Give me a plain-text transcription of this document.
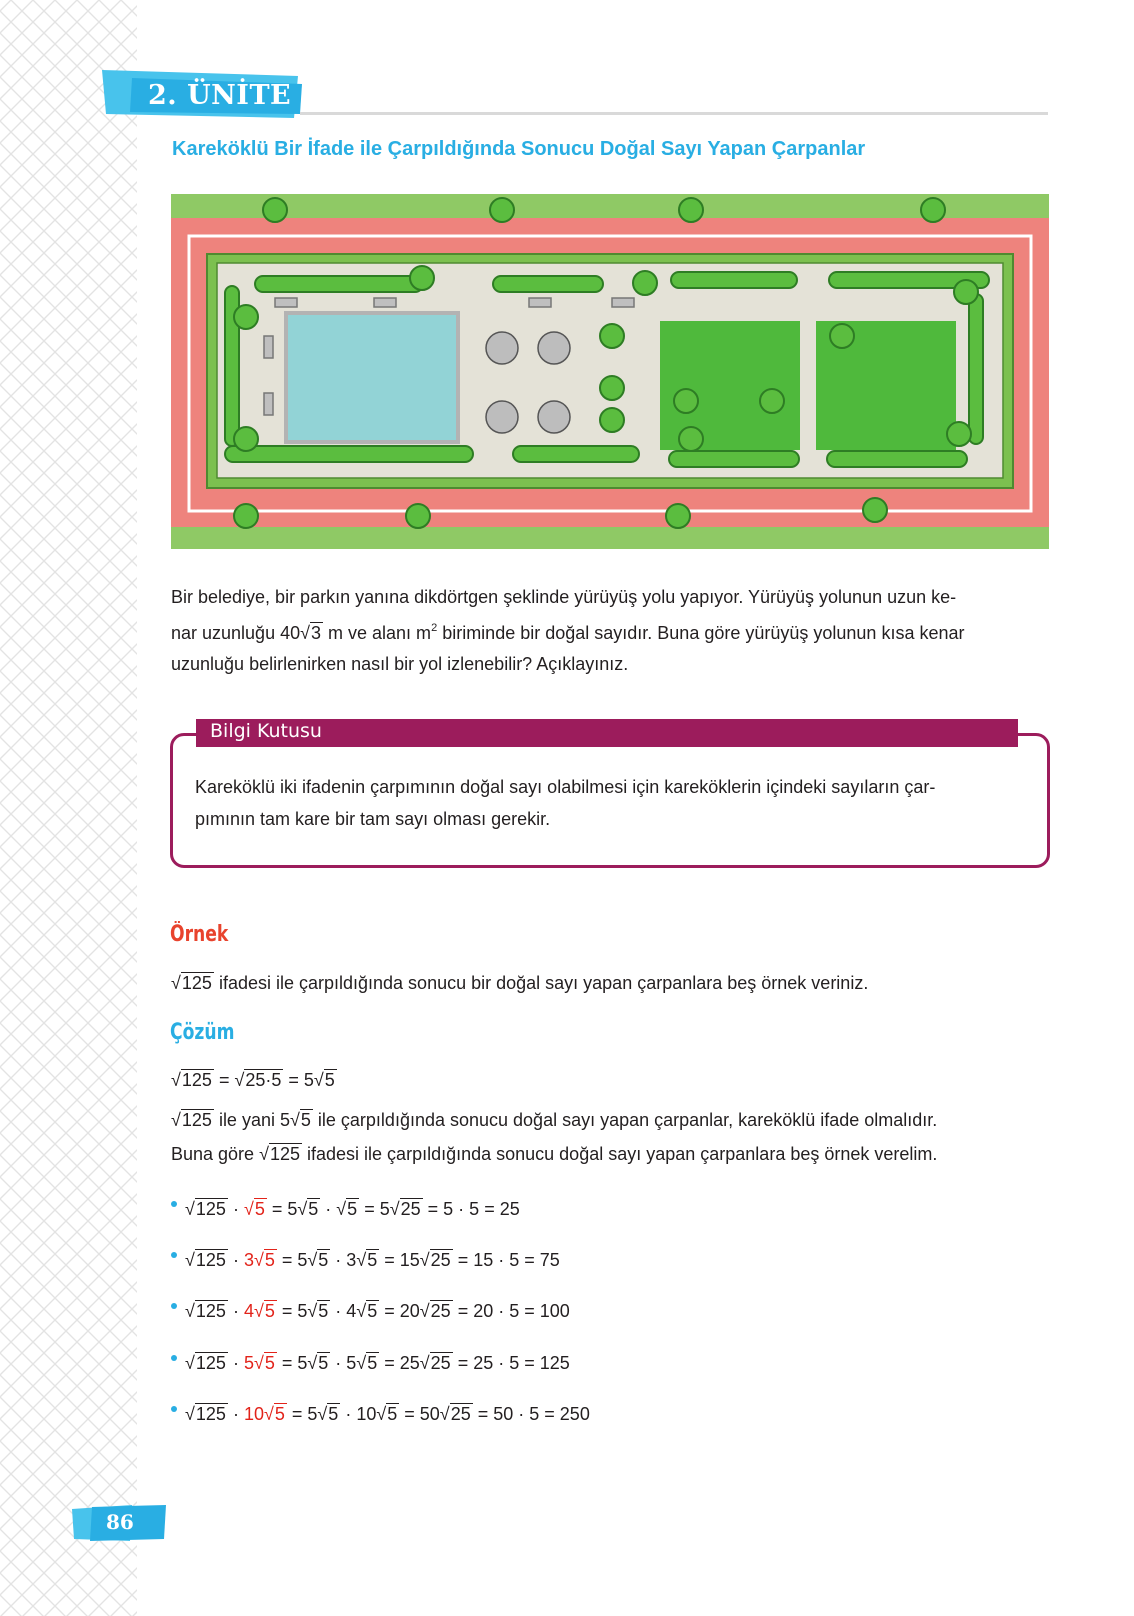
2. ÜNİTE
Kareköklü Bir İfade ile Çarpıldığında Sonucu Doğal Sayı Yapan Çarpanlar
Bir belediye, bir parkın yanına dikdörtgen şeklinde yürüyüş yolu yapıyor. Yürüyüş yolunun uzun ke-
nar uzunluğu 40√3 m ve alanı $m^2$ biriminde bir doğal sayıdır. Buna göre yürüyüş yolunun kısa kenar
uzunluğu belirlenirken nasıl bir yol izlenebilir? Açıklayınız.
Bilgi Kutusu
Kareköklü iki ifadenin çarpımının doğal sayı olabilmesi için kareköklerin içindeki sayıların çar-
pımının tam kare bir tam sayı olması gerekir.
Örnek
√125 ifadesi ile çarpıldığında sonucu bir doğal sayı yapan çarpanlara beş örnek veriniz.
Çözüm
√125 = √25·5 = 5√5
√125 ile yani 5√5 ile çarpıldığında sonucu doğal sayı yapan çarpanlar, kareköklü ifade olmalıdır.
Buna göre √125 ifadesi ile çarpıldığında sonucu doğal sayı yapan çarpanlara beş örnek verelim.
√125 · √5 = 5√5 · √5 = 5√25 = 5 · 5 = 25
√125 · 3√5 = 5√5 · 3√5 = 15√25 = 15 · 5 = 75
√125 · 4√5 = 5√5 · 4√5 = 20√25 = 20 · 5 = 100
√125 · 5√5 = 5√5 · 5√5 = 25√25 = 25 · 5 = 125
√125 · 10√5 = 5√5 · 10√5 = 50√25 = 50 · 5 = 250
86
